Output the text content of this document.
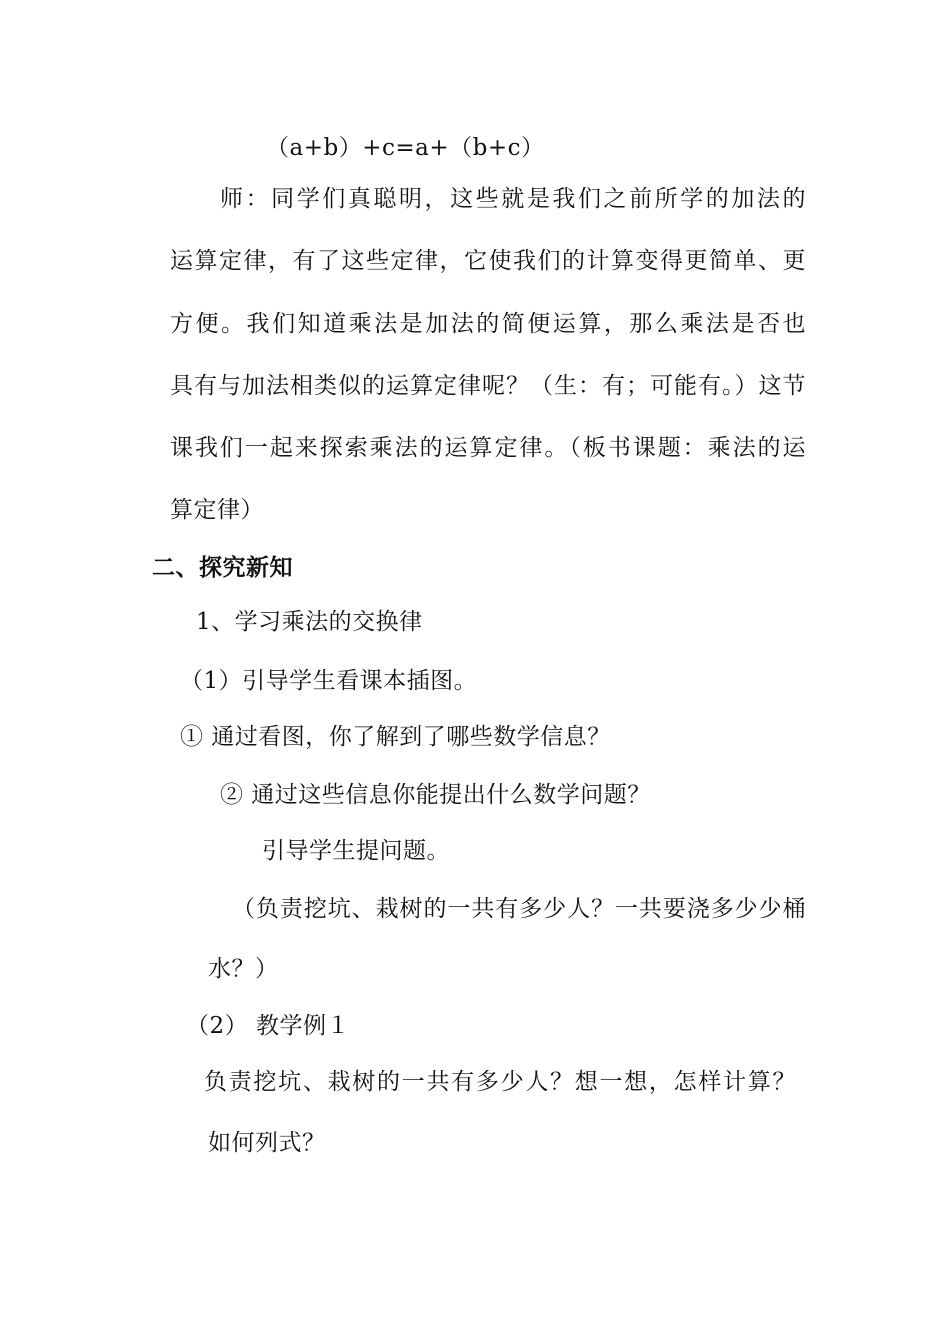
（a+b）+c=a+（b+c）
师：同学们真聪明，这些就是我们之前所学的加法的
运算定律，有了这些定律，它使我们的计算变得更简单、更
方便。我们知道乘法是加法的简便运算，那么乘法是否也
具有与加法相类似的运算定律呢？（生：有；可能有。）这节
课我们一起来探索乘法的运算定律。（板书课题：乘法的运
算定律）
二、探究新知
1、学习乘法的交换律
（1）引导学生看课本插图。
① 通过看图，你了解到了哪些数学信息？
② 通过这些信息你能提出什么数学问题？
引导学生提问题。
（负责挖坑、栽树的一共有多少人？一共要浇多少少桶
水？）
（2） 教学例１
负责挖坑、栽树的一共有多少人？想一想，怎样计算？
如何列式？
